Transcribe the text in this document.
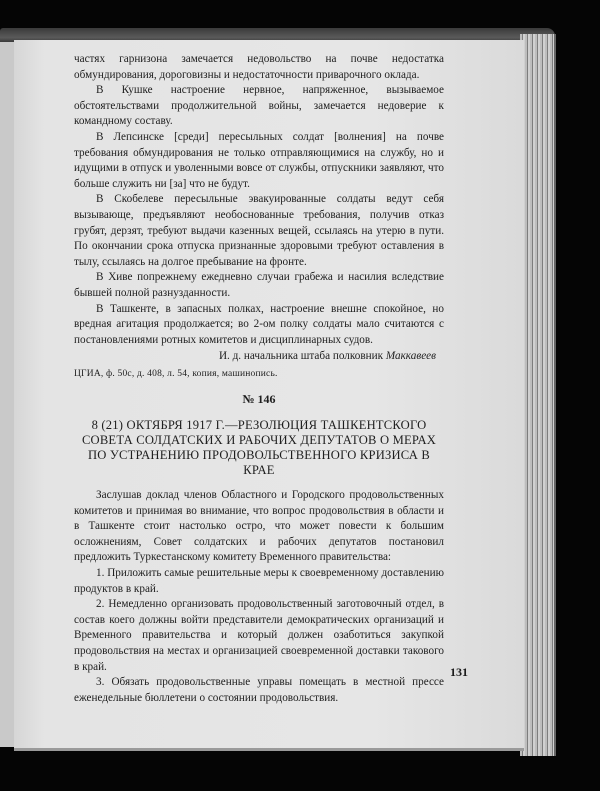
частях гарнизона замечается недовольство на почве недостатка обмундирования, дороговизны и недостаточности приварочного оклада.

В Кушке настроение нервное, напряженное, вызываемое обстоятельствами продолжительной войны, замечается недоверие к командному составу.

В Лепсинске [среди] пересыльных солдат [волнения] на почве требования обмундирования не только отправляющимися на службу, но и идущими в отпуск и уволенными вовсе от службы, отпускники заявляют, что больше служить ни [за] что не будут.

В Скобелеве пересыльные эвакуированные солдаты ведут себя вызывающе, предъявляют необоснованные требования, получив отказ грубят, дерзят, требуют выдачи казенных вещей, ссылаясь на утерю в пути. По окончании срока отпуска признанные здоровыми требуют оставления в тылу, ссылаясь на долгое пребывание на фронте.

В Хиве попрежнему ежедневно случаи грабежа и насилия вследствие бывшей полной разнузданности.

В Ташкенте, в запасных полках, настроение внешне спокойное, но вредная агитация продолжается; во 2-ом полку солдаты мало считаются с постановлениями ротных комитетов и дисциплинарных судов.

И. д. начальника штаба полковник Маккавеев
ЦГИА, ф. 50с, д. 408, л. 54, копия, машинопись.
№ 146
8 (21) ОКТЯБРЯ 1917 Г.—РЕЗОЛЮЦИЯ ТАШКЕНТСКОГО СОВЕТА СОЛДАТСКИХ И РАБОЧИХ ДЕПУТАТОВ О МЕРАХ ПО УСТРАНЕНИЮ ПРОДОВОЛЬСТВЕННОГО КРИЗИСА В КРАЕ

Заслушав доклад членов Областного и Городского продовольственных комитетов и принимая во внимание, что вопрос продовольствия в области и в Ташкенте стоит настолько остро, что может повести к большим осложнениям, Совет солдатских и рабочих депутатов постановил предложить Туркестанскому комитету Временного правительства:

1. Приложить самые решительные меры к своевременному доставлению продуктов в край.

2. Немедленно организовать продовольственный заготовочный отдел, в состав коего должны войти представители демократических организаций и Временного правительства и который должен озаботиться закупкой продовольствия на местах и организацией своевременной доставки такового в край.

3. Обязать продовольственные управы помещать в местной прессе еженедельные бюллетени о состоянии продовольствия.

131
